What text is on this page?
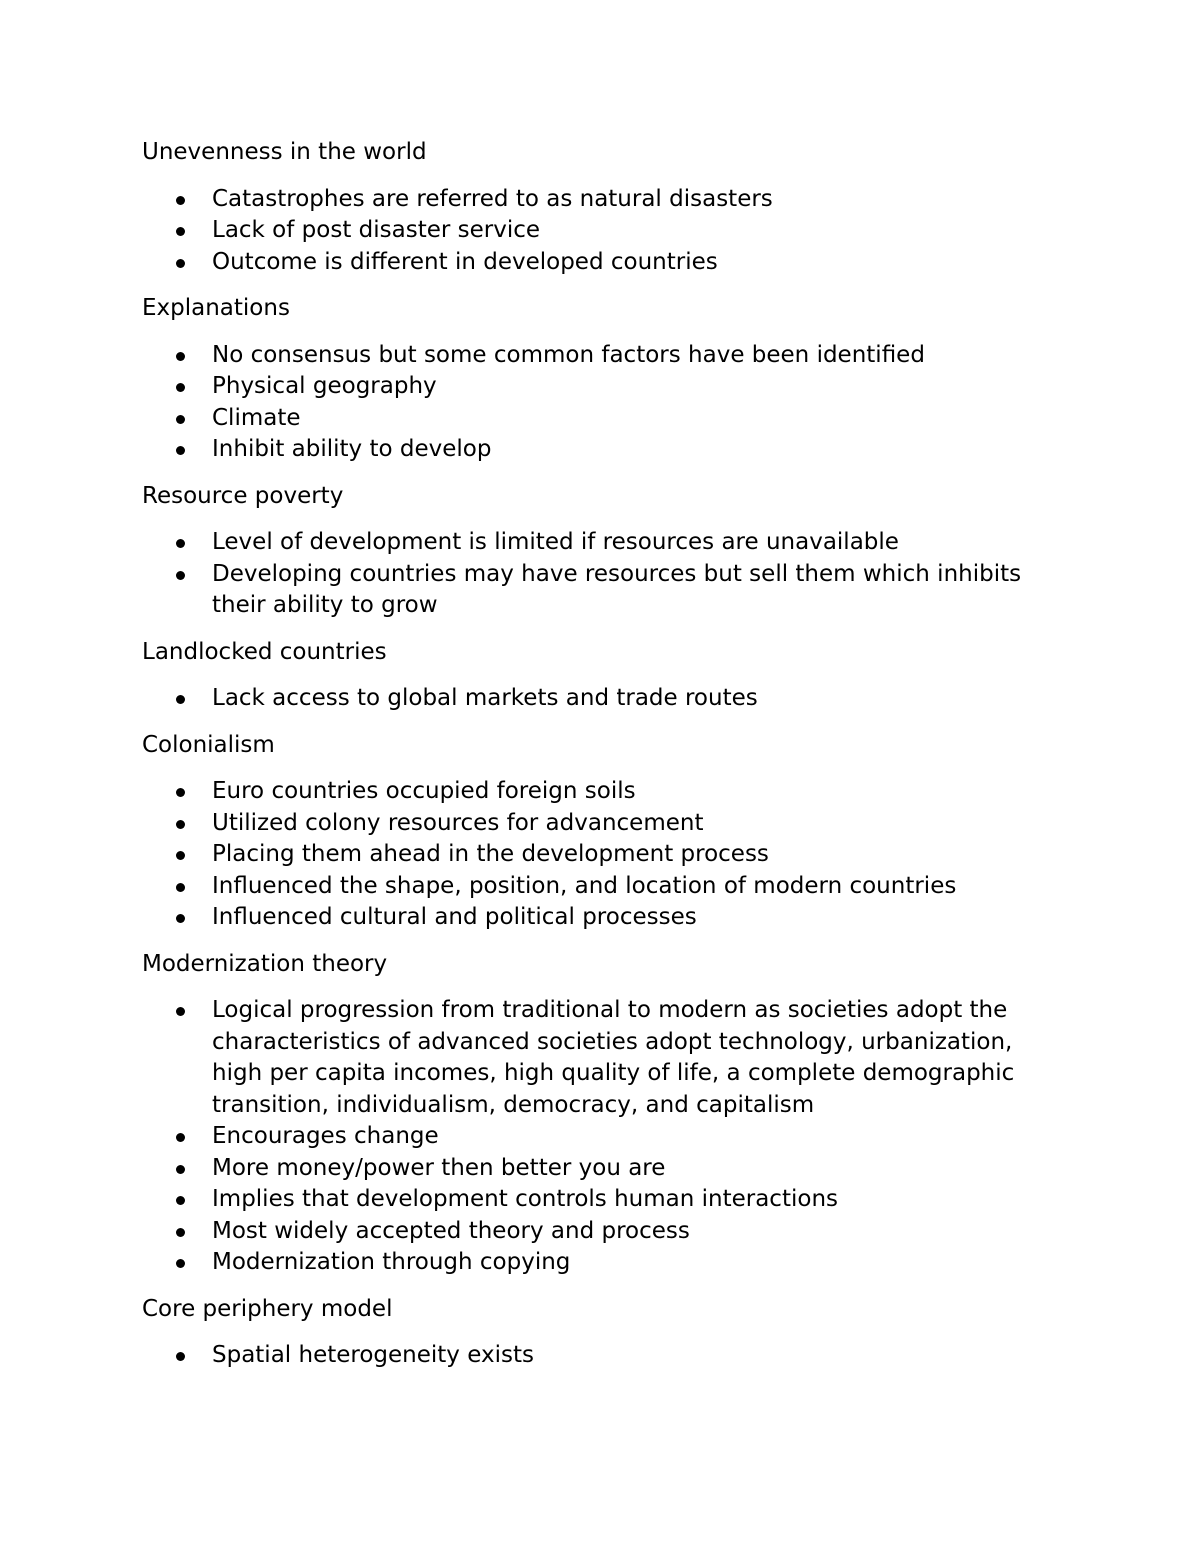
Unevenness in the world
Catastrophes are referred to as natural disasters
Lack of post disaster service
Outcome is different in developed countries
Explanations
No consensus but some common factors have been identified
Physical geography
Climate
Inhibit ability to develop
Resource poverty
Level of development is limited if resources are unavailable
Developing countries may have resources but sell them which inhibits their ability to grow
Landlocked countries
Lack access to global markets and trade routes
Colonialism
Euro countries occupied foreign soils
Utilized colony resources for advancement
Placing them ahead in the development process
Influenced the shape, position, and location of modern countries
Influenced cultural and political processes
Modernization theory
Logical progression from traditional to modern as societies adopt the characteristics of advanced societies adopt technology, urbanization, high per capita incomes, high quality of life, a complete demographic transition, individualism, democracy, and capitalism
Encourages change
More money/power then better you are
Implies that development controls human interactions
Most widely accepted theory and process
Modernization through copying
Core periphery model
Spatial heterogeneity exists
